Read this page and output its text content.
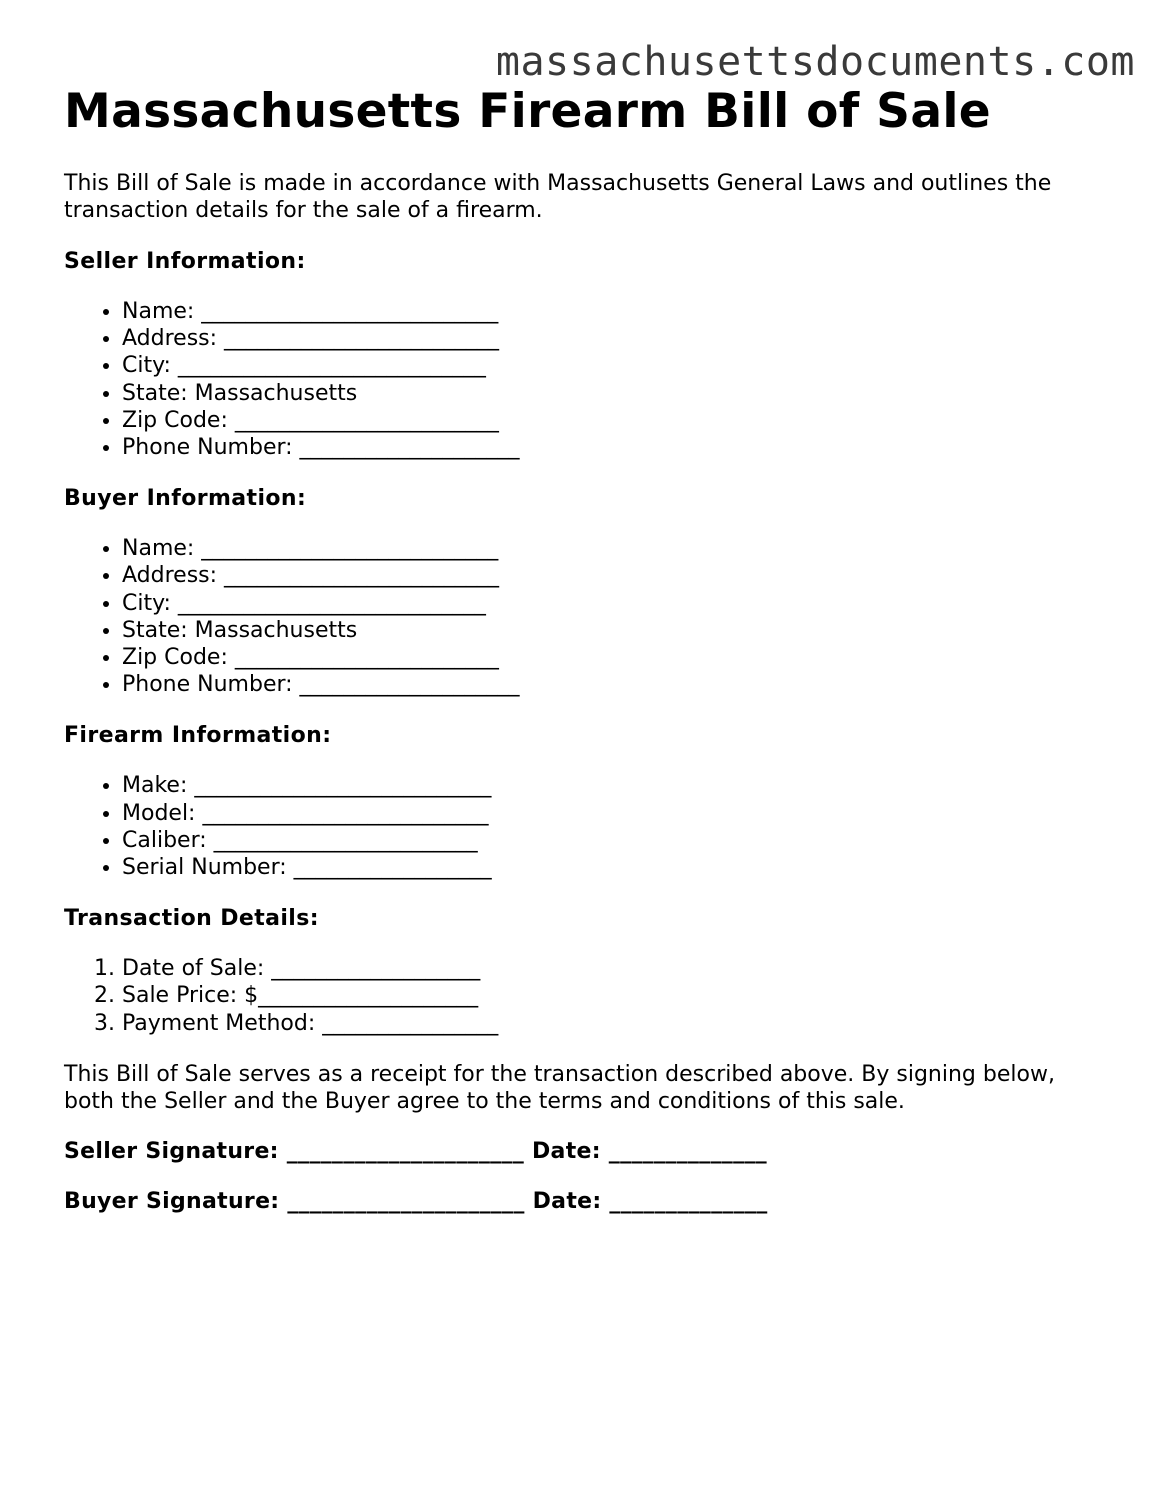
massachusettsdocuments.com
Massachusetts Firearm Bill of Sale

This Bill of Sale is made in accordance with Massachusetts General Laws and outlines the transaction details for the sale of a firearm.

Seller Information:
• Name: ___________________________
• Address: _________________________
• City: ____________________________
• State: Massachusetts
• Zip Code: ________________________
• Phone Number: ____________________
Buyer Information:
• Name: ___________________________
• Address: _________________________
• City: ____________________________
• State: Massachusetts
• Zip Code: ________________________
• Phone Number: ____________________
Firearm Information:
• Make: ___________________________
• Model: __________________________
• Caliber: ________________________
• Serial Number: __________________
Transaction Details:
1. Date of Sale: ___________________
2. Sale Price: $____________________
3. Payment Method: ________________

This Bill of Sale serves as a receipt for the transaction described above. By signing below, both the Seller and the Buyer agree to the terms and conditions of this sale.

Seller Signature: _____________________ Date: ______________
Buyer Signature: _____________________ Date: ______________
